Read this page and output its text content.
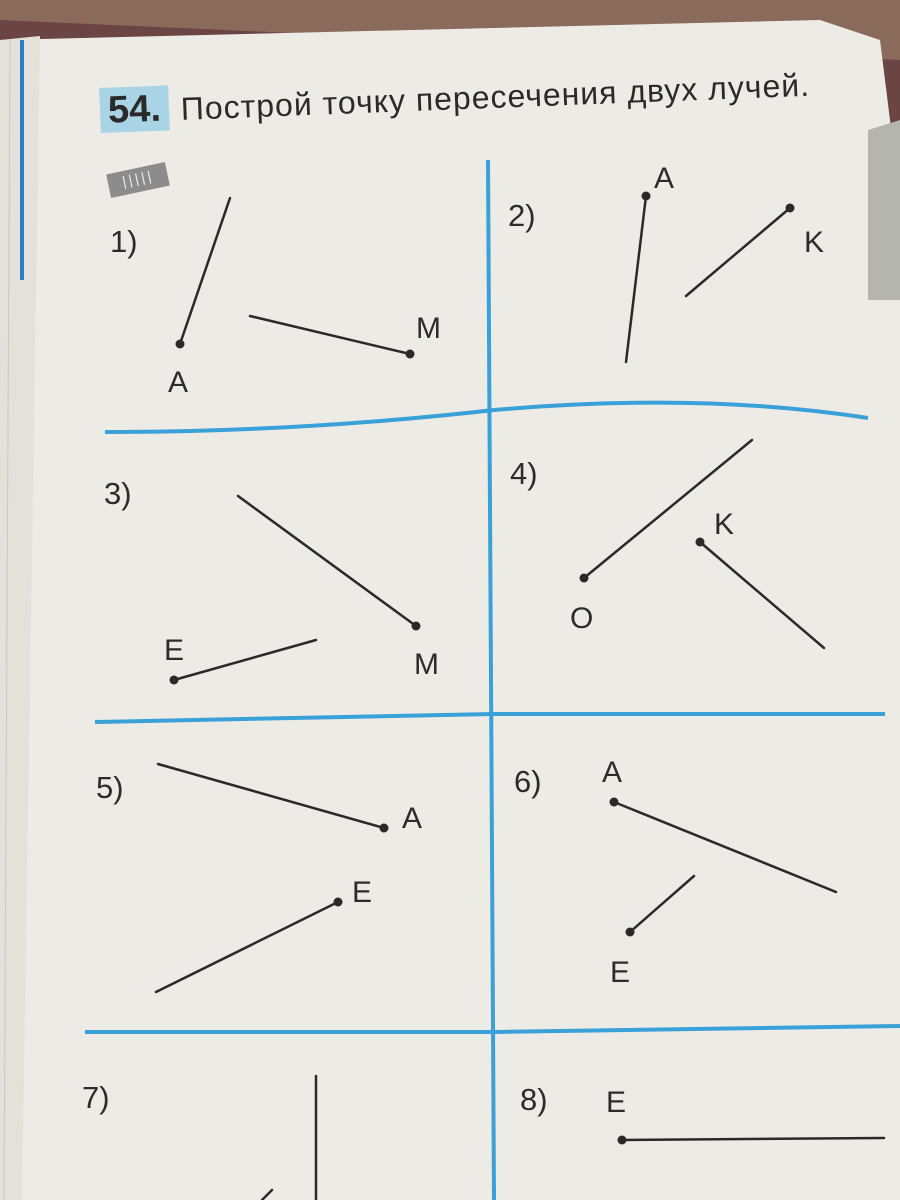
54. Построй точку пересечения двух лучей.
|||||
1)
2)
3)
4)
5)	6)
7)	8)
A
M
A
K
E	M
O
K
A
E
A
E
E
